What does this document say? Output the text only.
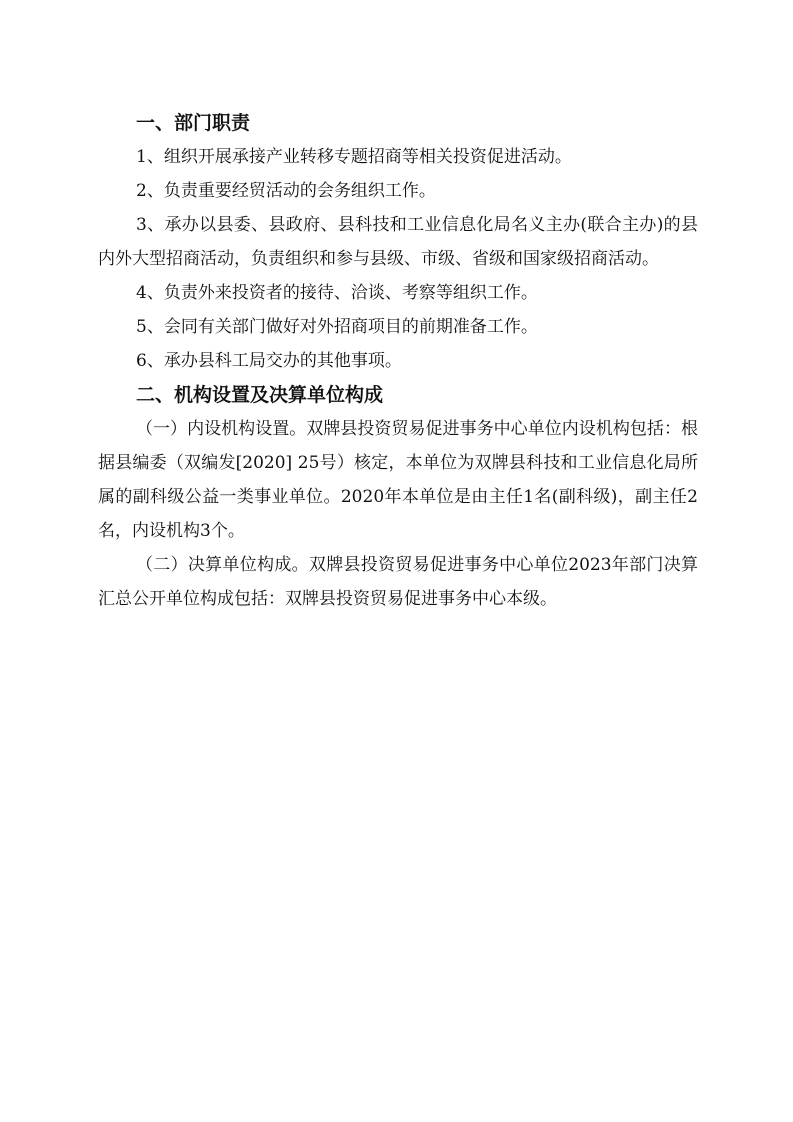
一、部门职责

1、组织开展承接产业转移专题招商等相关投资促进活动。

2、负责重要经贸活动的会务组织工作。

3、承办以县委、县政府、县科技和工业信息化局名义主办(联合主办)的县内外大型招商活动，负责组织和参与县级、市级、省级和国家级招商活动。

4、负责外来投资者的接待、洽谈、考察等组织工作。

5、会同有关部门做好对外招商项目的前期准备工作。

6、承办县科工局交办的其他事项。

二、机构设置及决算单位构成

（一）内设机构设置。双牌县投资贸易促进事务中心单位内设机构包括：根据县编委（双编发[2020] 25号）核定，本单位为双牌县科技和工业信息化局所属的副科级公益一类事业单位。2020年本单位是由主任1名(副科级)，副主任2名，内设机构3个。

（二）决算单位构成。双牌县投资贸易促进事务中心单位2023年部门决算汇总公开单位构成包括：双牌县投资贸易促进事务中心本级。
